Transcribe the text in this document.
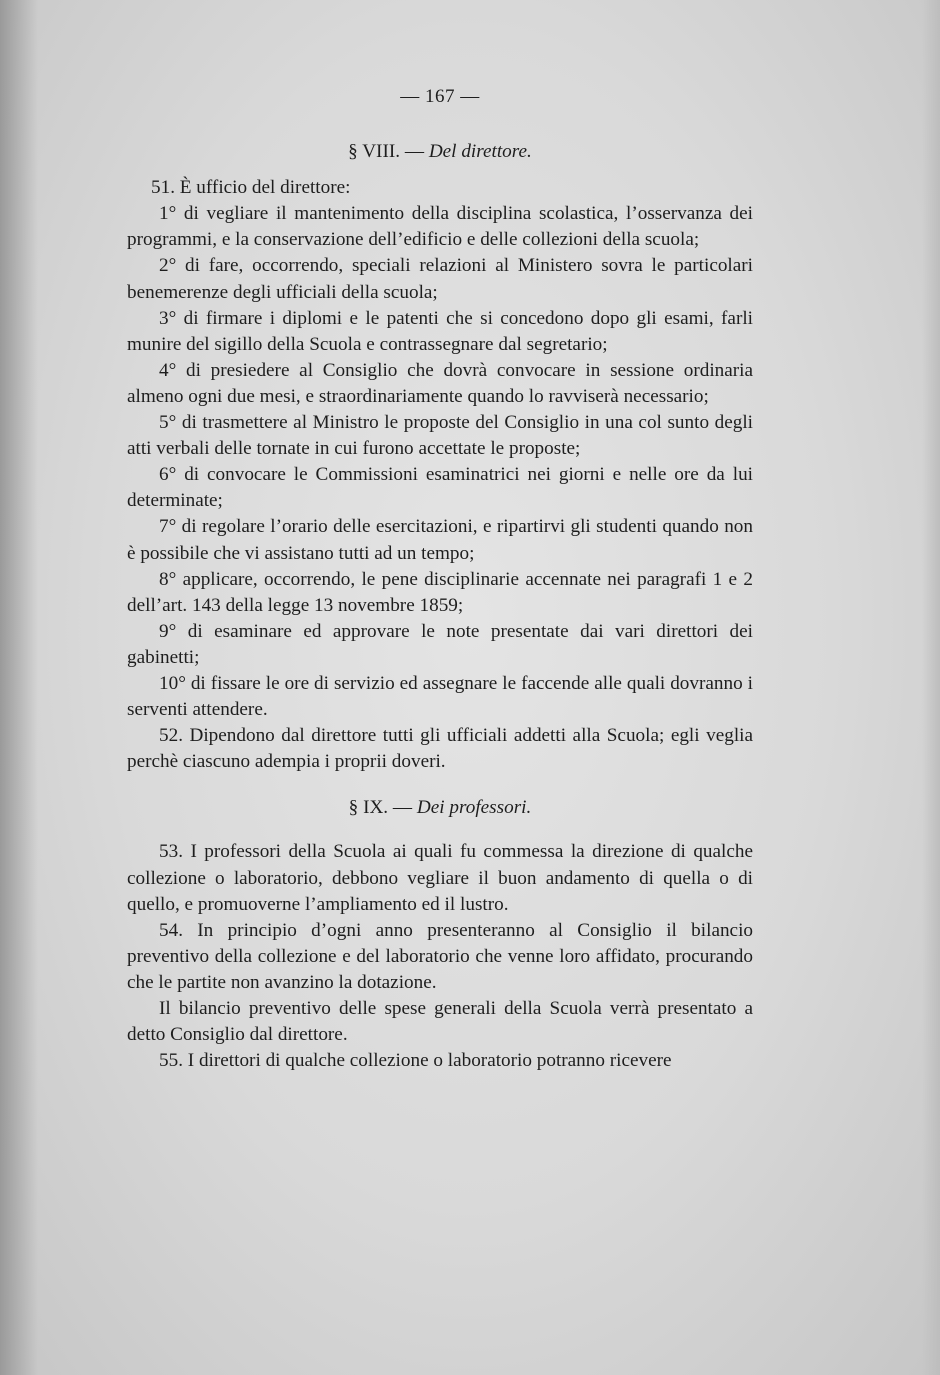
— 167 —
§ VIII. — Del direttore.

51. È ufficio del direttore:

1° di vegliare il mantenimento della disciplina scolastica, l’osservanza dei programmi, e la conservazione dell’edificio e delle collezioni della scuola;

2° di fare, occorrendo, speciali relazioni al Ministero sovra le particolari benemerenze degli ufficiali della scuola;

3° di firmare i diplomi e le patenti che si concedono dopo gli esami, farli munire del sigillo della Scuola e contrassegnare dal segretario;

4° di presiedere al Consiglio che dovrà convocare in sessione ordinaria almeno ogni due mesi, e straordinariamente quando lo ravviserà necessario;

5° di trasmettere al Ministro le proposte del Consiglio in una col sunto degli atti verbali delle tornate in cui furono accettate le proposte;

6° di convocare le Commissioni esaminatrici nei giorni e nelle ore da lui determinate;

7° di regolare l’orario delle esercitazioni, e ripartirvi gli studenti quando non è possibile che vi assistano tutti ad un tempo;

8° applicare, occorrendo, le pene disciplinarie accennate nei paragrafi 1 e 2 dell’art. 143 della legge 13 novembre 1859;

9° di esaminare ed approvare le note presentate dai vari direttori dei gabinetti;

10° di fissare le ore di servizio ed assegnare le faccende alle quali dovranno i serventi attendere.

52. Dipendono dal direttore tutti gli ufficiali addetti alla Scuola; egli veglia perchè ciascuno adempia i proprii doveri.

§ IX. — Dei professori.

53. I professori della Scuola ai quali fu commessa la direzione di qualche collezione o laboratorio, debbono vegliare il buon andamento di quella o di quello, e promuoverne l’ampliamento ed il lustro.

54. In principio d’ogni anno presenteranno al Consiglio il bilancio preventivo della collezione e del laboratorio che venne loro affidato, procurando che le partite non avanzino la dotazione.

Il bilancio preventivo delle spese generali della Scuola verrà presentato a detto Consiglio dal direttore.

55. I direttori di qualche collezione o laboratorio potranno ricevere
